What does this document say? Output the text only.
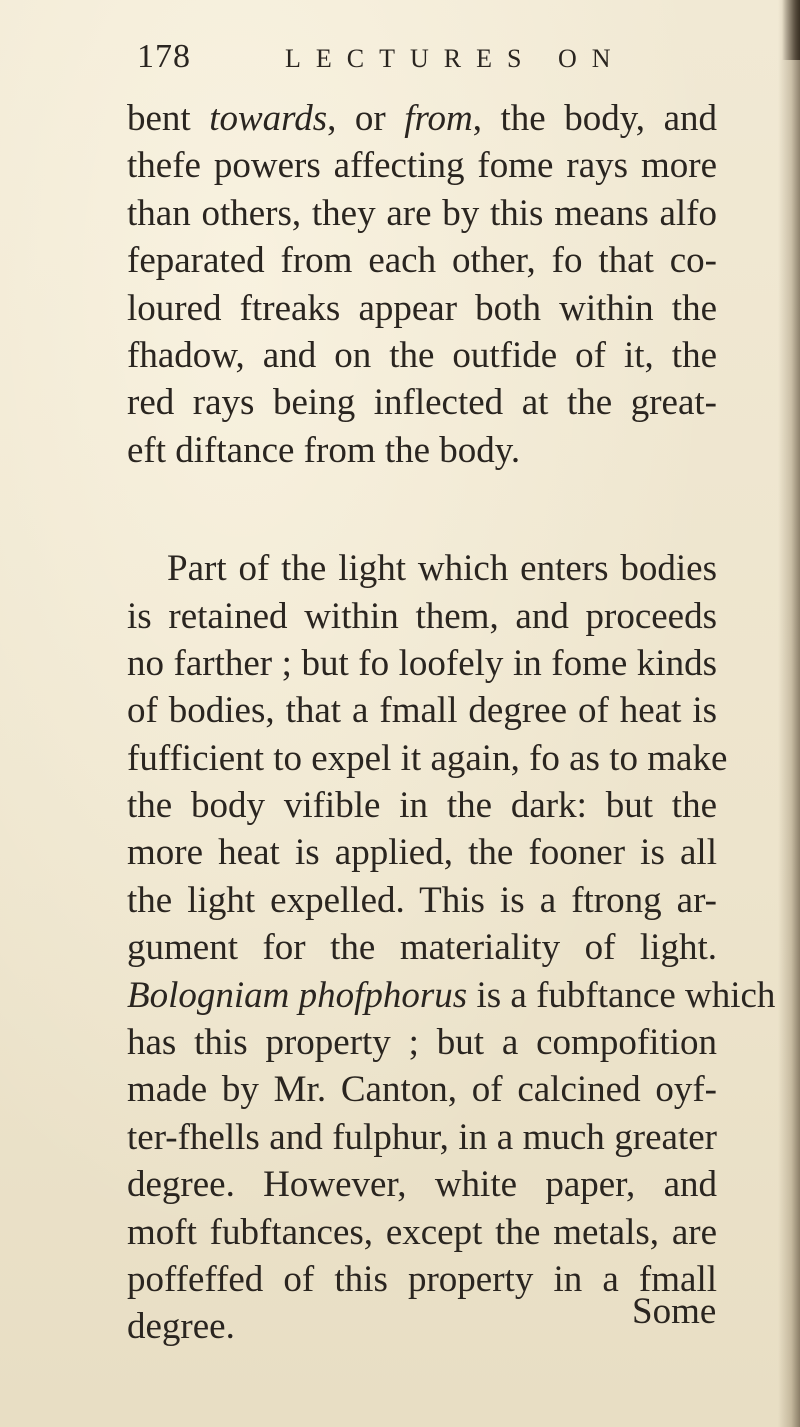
178	LECTURES ON
bent towards, or from, the body, and
thefe powers affecting fome rays more
than others, they are by this means alfo
feparated from each other, fo that co-
loured ftreaks appear both within the
fhadow, and on the outfide of it, the
red rays being inflected at the great-
eft diftance from the body.
Part of the light which enters bodies
is retained within them, and proceeds
no farther ; but fo loofely in fome kinds
of bodies, that a fmall degree of heat is
fufficient to expel it again, fo as to make
the body vifible in the dark: but the
more heat is applied, the fooner is all
the light expelled. This is a ftrong ar-
gument for the materiality of light.
Bologniam phofphorus is a fubftance which
has this property ; but a compofition
made by Mr. Canton, of calcined oyf-
ter-fhells and fulphur, in a much greater
degree. However, white paper, and
moft fubftances, except the metals, are
poffeffed of this property in a fmall
degree.	Some
